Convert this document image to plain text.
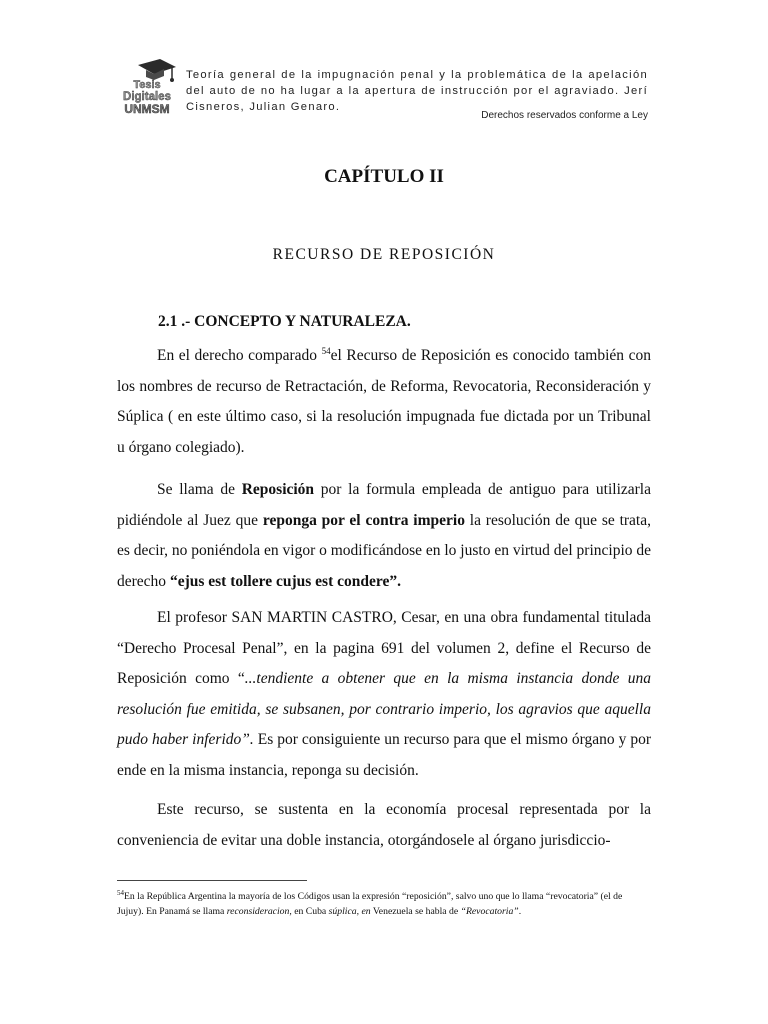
Tesis
Digitales
UNMSM
Teoría general de la impugnación penal y la problemática de la apelación del auto de no ha lugar a la apertura de instrucción por el agraviado. Jerí Cisneros, Julian Genaro.
Derechos reservados conforme a Ley
CAPÍTULO II
RECURSO DE REPOSICIÓN
2.1 .- CONCEPTO Y NATURALEZA.
En el derecho comparado $^{54}$el Recurso de Reposición es conocido también con los nombres de recurso de Retractación, de Reforma, Revocatoria, Reconsideración y Súplica ( en este último caso, si la resolución impugnada fue dictada por un Tribunal u órgano colegiado).
Se llama de Reposición por la formula empleada de antiguo para utilizarla pidiéndole al Juez que reponga por el contra imperio la resolución de que se trata, es decir, no poniéndola en vigor o modificándose en lo justo en virtud del principio de derecho “ejus est tollere cujus est condere”.
El profesor SAN MARTIN CASTRO, Cesar, en una obra fundamental titulada “Derecho Procesal Penal”, en la pagina 691 del volumen 2, define el Recurso de Reposición como “...tendiente a obtener que en la misma instancia donde una resolución fue emitida, se subsanen, por contrario imperio, los agravios que aquella pudo haber inferido”. Es por consiguiente un recurso para que el mismo órgano y por ende en la misma instancia, reponga su decisión.
Este recurso, se sustenta en la economía procesal representada por la conveniencia de evitar una doble instancia, otorgándosele al órgano jurisdiccio-
$^{54}$En la República Argentina la mayoría de los Códigos usan la expresión “reposición”, salvo uno que lo llama “revocatoria” (el de Jujuy). En Panamá se llama reconsideracion, en Cuba súplica, en Venezuela se habla de “Revocatoria”.
